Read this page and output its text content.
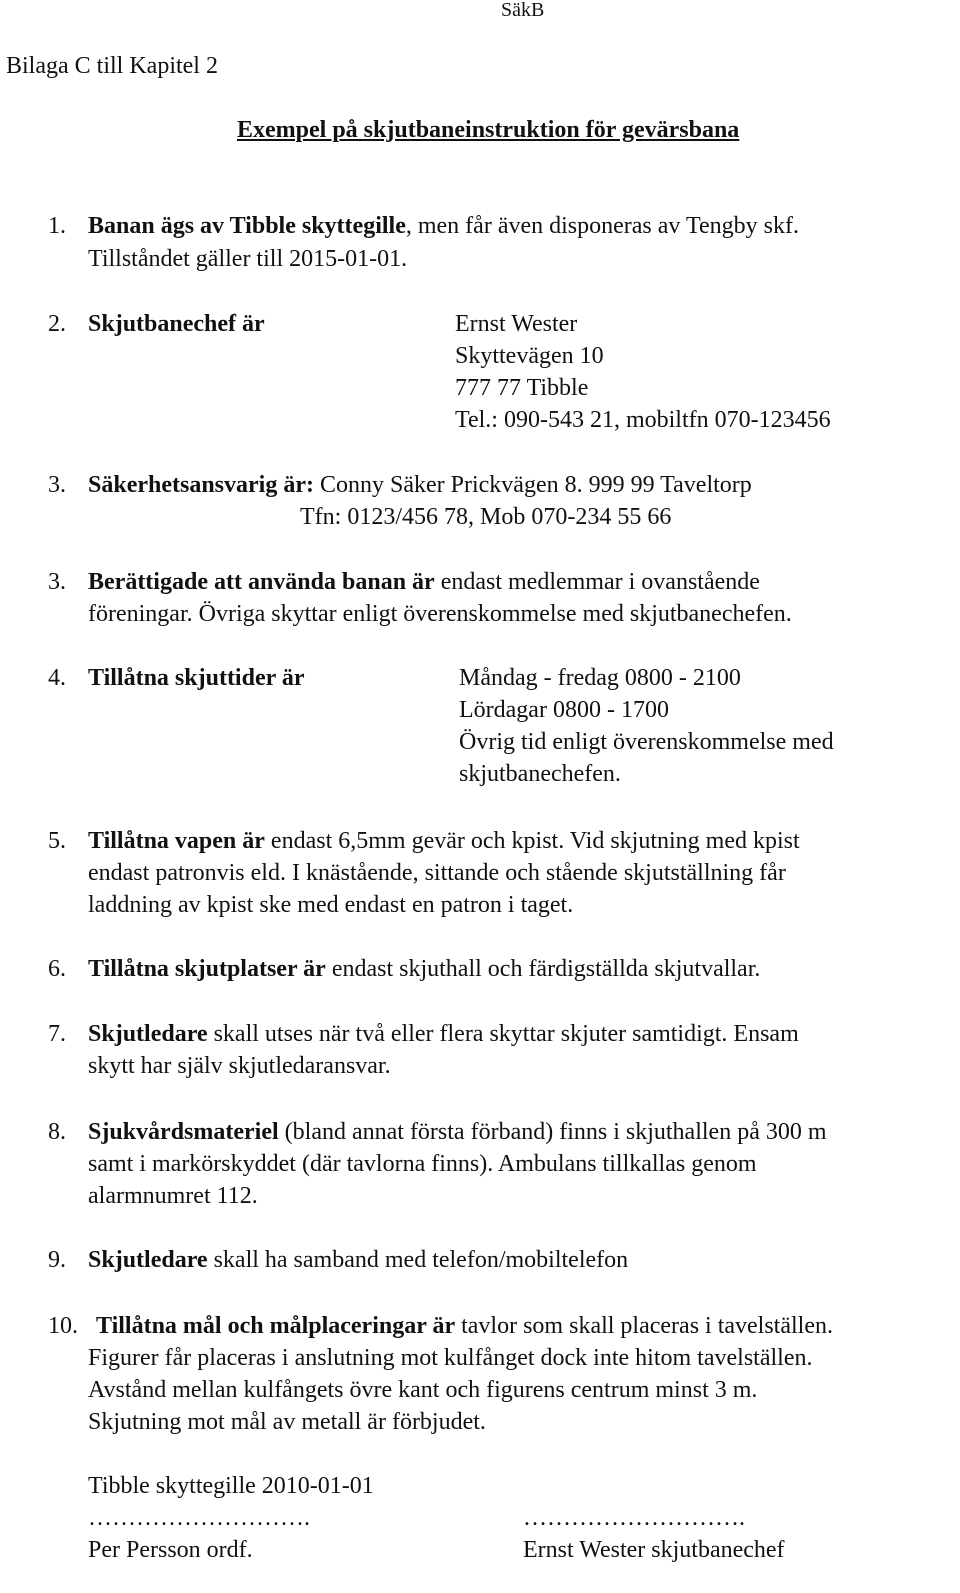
SäkB
Bilaga C till Kapitel 2
Exempel på skjutbaneinstruktion för gevärsbana
1. Banan ägs av Tibble skyttegille, men får även disponeras av Tengby skf.
Tillståndet gäller till 2015-01-01.
2. Skjutbanechef är	Ernst Wester
Skyttevägen 10
777 77 Tibble
Tel.: 090-543 21, mobiltfn 070-123456
3. Säkerhetsansvarig är: Conny Säker Prickvägen 8. 999 99 Taveltorp
Tfn: 0123/456 78, Mob 070-234 55 66
3. Berättigade att använda banan är endast medlemmar i ovanstående
föreningar. Övriga skyttar enligt överenskommelse med skjutbanechefen.
4. Tillåtna skjuttider är	Måndag - fredag 0800 - 2100
Lördagar 0800 - 1700
Övrig tid enligt överenskommelse med
skjutbanechefen.
5. Tillåtna vapen är endast 6,5mm gevär och kpist. Vid skjutning med kpist
endast patronvis eld. I knästående, sittande och stående skjutställning får
laddning av kpist ske med endast en patron i taget.
6. Tillåtna skjutplatser är endast skjuthall och färdigställda skjutvallar.
7. Skjutledare skall utses när två eller flera skyttar skjuter samtidigt. Ensam
skytt har själv skjutledaransvar.
8. Sjukvårdsmateriel (bland annat första förband) finns i skjuthallen på 300 m
samt i markörskyddet (där tavlorna finns). Ambulans tillkallas genom
alarmnumret 112.
9. Skjutledare skall ha samband med telefon/mobiltelefon
10. Tillåtna mål och målplaceringar är tavlor som skall placeras i tavelställen.
Figurer får placeras i anslutning mot kulfånget dock inte hitom tavelställen.
Avstånd mellan kulfångets övre kant och figurens centrum minst 3 m.
Skjutning mot mål av metall är förbjudet.
Tibble skyttegille 2010-01-01
……………………….	……………………….
Per Persson ordf.	Ernst Wester skjutbanechef
